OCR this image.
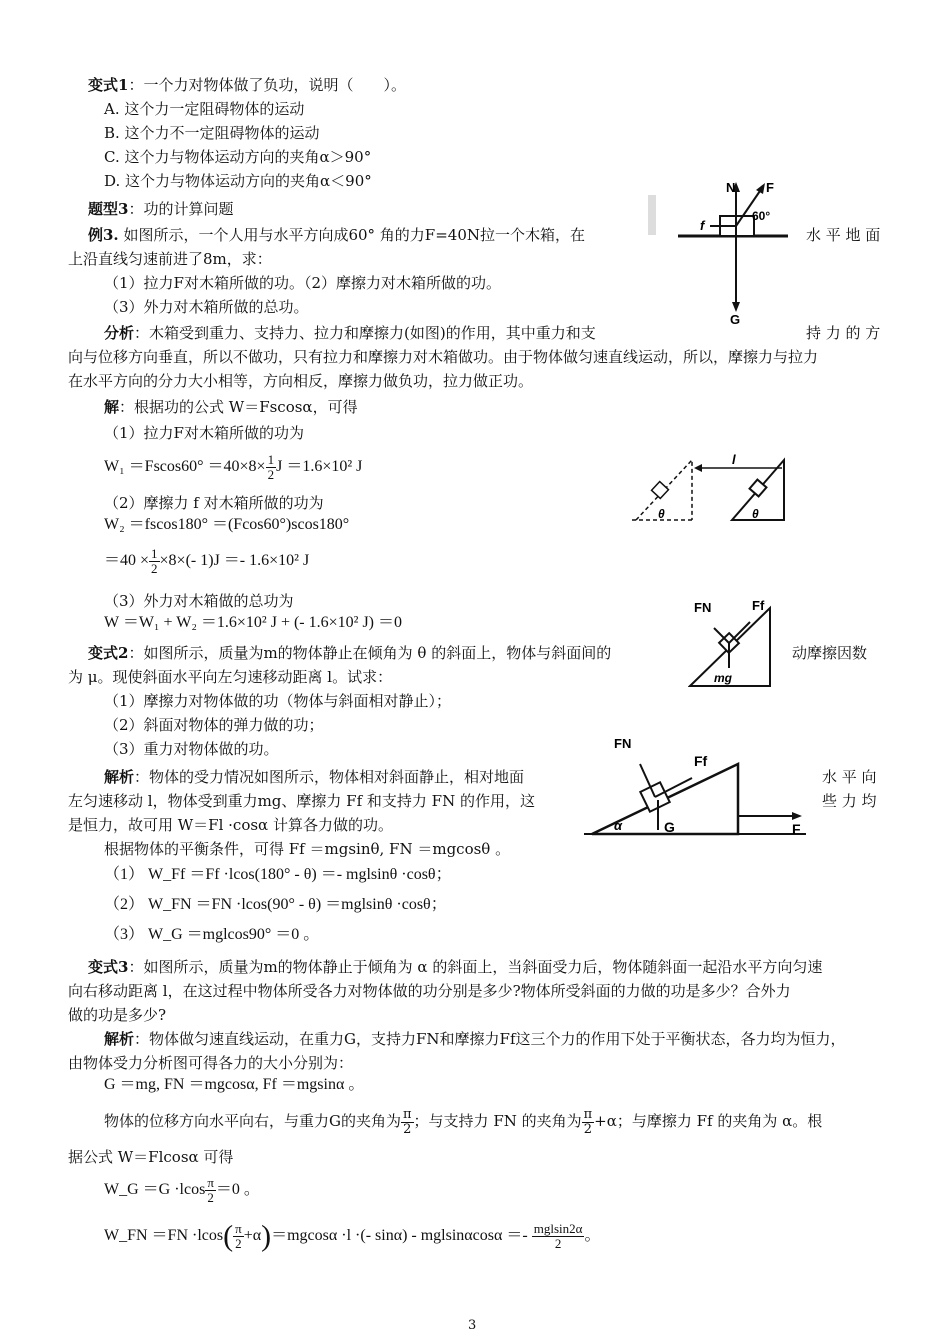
变式1：一个力对物体做了负功，说明（　　）。
A. 这个力一定阻碍物体的运动
B. 这个力不一定阻碍物体的运动
C. 这个力与物体运动方向的夹角α＞90°
D. 这个力与物体运动方向的夹角α＜90°
题型3：功的计算问题
例3. 如图所示，一个人用与水平方向成60° 角的力F=40N拉一个木箱，在	水 平 地 面
上沿直线匀速前进了8m，求：
（1）拉力F对木箱所做的功。（2）摩擦力对木箱所做的功。
（3）外力对木箱所做的总功。
分析：木箱受到重力、支持力、拉力和摩擦力(如图)的作用，其中重力和支	持 力 的 方
向与位移方向垂直，所以不做功，只有拉力和摩擦力对木箱做功。由于物体做匀速直线运动，所以，摩擦力与拉力
在水平方向的分力大小相等，方向相反，摩擦力做负功，拉力做正功。
解：根据功的公式 W＝Fscosα，可得
（1）拉力F对木箱所做的功为
$W_1 =Fscos60^\circ =40\times 8\times \frac{1}{2}$ J ＝1.6×10² J
（2）摩擦力 f 对木箱所做的功为
W₂ ＝fscos180° ＝(Fcos60°)scos180°
$=40 \times \frac{1}{2} \times 8\times(-$ 1)J ＝- 1.6×10² J
（3）外力对木箱做的总功为
W ＝W₁ + W₂ ＝1.6×10² J + (- 1.6×10² J) ＝0
变式2：如图所示，质量为m的物体静止在倾角为 θ 的斜面上，物体与斜面间的	动摩擦因数
为 μ。现使斜面水平向左匀速移动距离 l。试求：
（1）摩擦力对物体做的功（物体与斜面相对静止）；
（2）斜面对物体的弹力做的功；
（3）重力对物体做的功。
解析：物体的受力情况如图所示，物体相对斜面静止，相对地面	水 平 向
左匀速移动 l，物体受到重力mg、摩擦力 Ff 和支持力 FN 的作用，这	些 力 均
是恒力，故可用 W＝Fl ·cosα 计算各力做的功。
根据物体的平衡条件，可得 Ff ＝mgsinθ, FN ＝mgcosθ 。
（1） W_Ff ＝Ff ·lcos(180° - θ) ＝- mglsinθ ·cosθ；
（2） W_FN ＝FN ·lcos(90° - θ) ＝mglsinθ ·cosθ；
（3） W_G ＝mglcos90° ＝0 。
变式3：如图所示，质量为m的物体静止于倾角为 α 的斜面上，当斜面受力后，物体随斜面一起沿水平方向匀速
向右移动距离 l，在这过程中物体所受各力对物体做的功分别是多少?物体所受斜面的力做的功是多少？合外力
做的功是多少?
解析：物体做匀速直线运动，在重力G，支持力FN和摩擦力Ff这三个力的作用下处于平衡状态，各力均为恒力，
由物体受力分析图可得各力的大小分别为：
G ＝mg, FN ＝mgcosα, Ff ＝mgsinα 。
物体的位移方向水平向右，与重力G的夹角为 $\frac{\pi}{2}$ ；与支持力 FN 的夹角为 $\frac{\pi}{2} +\alpha$；与摩擦力 Ff 的夹角为 α。根
据公式 W＝Flcosα 可得
W_G $=G \cdot lcos \frac{\pi}{2} =0$ 。
W_FN $=FN \cdot lcos( \frac{\pi}{2} +\alpha)=mgcos\alpha \cdot l$ ·(- $\sin\alpha) - mglsin\alpha\cos\alpha =- \frac{\text{mglsin2α}}{2}$ 。
N F
60°
f
G
l
θ	θ
FN	Ff
mg
FN
Ff
α	G	F
3
